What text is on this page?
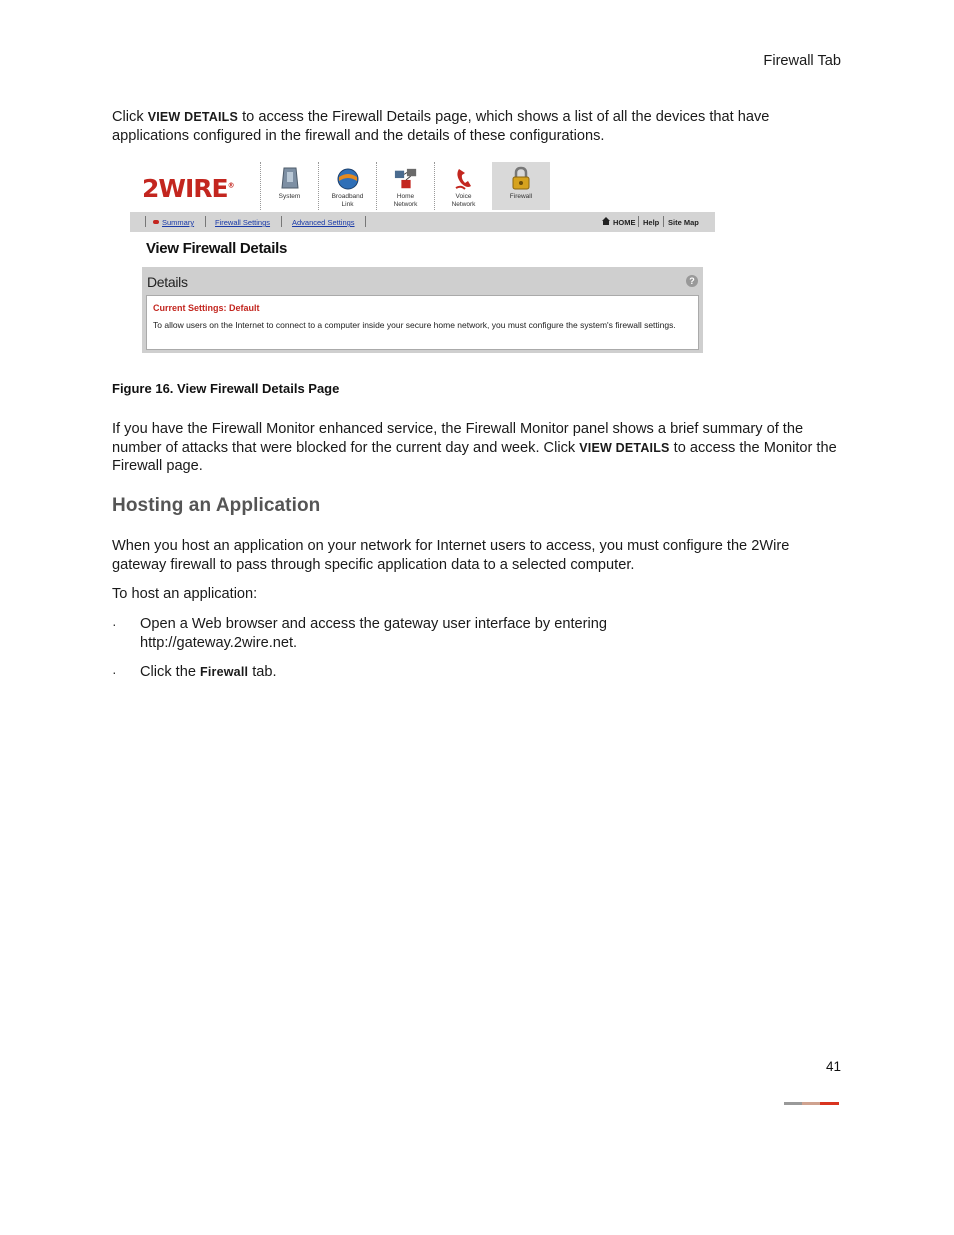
Firewall Tab
Click VIEW DETAILS to access the Firewall Details page, which shows a list of all the devices that have applications configured in the firewall and the details of these configurations.
2WIRE®
System	Broadband Link
Home Network
Voice Network
Firewall
Summary	Firewall Settings	Advanced Settings	HOME Help Site Map
View Firewall Details
Details	?
Current Settings: Default
To allow users on the Internet to connect to a computer inside your secure home network, you must configure the system's firewall settings.
Figure 16. View Firewall Details Page
If you have the Firewall Monitor enhanced service, the Firewall Monitor panel shows a brief summary of the number of attacks that were blocked for the current day and week. Click VIEW DETAILS to access the Monitor the Firewall page.
Hosting an Application
When you host an application on your network for Internet users to access, you must configure the 2Wire gateway firewall to pass through specific application data to a selected computer.
To host an application:
· Open a Web browser and access the gateway user interface by entering http://gateway.2wire.net.
· Click the Firewall tab.
41
